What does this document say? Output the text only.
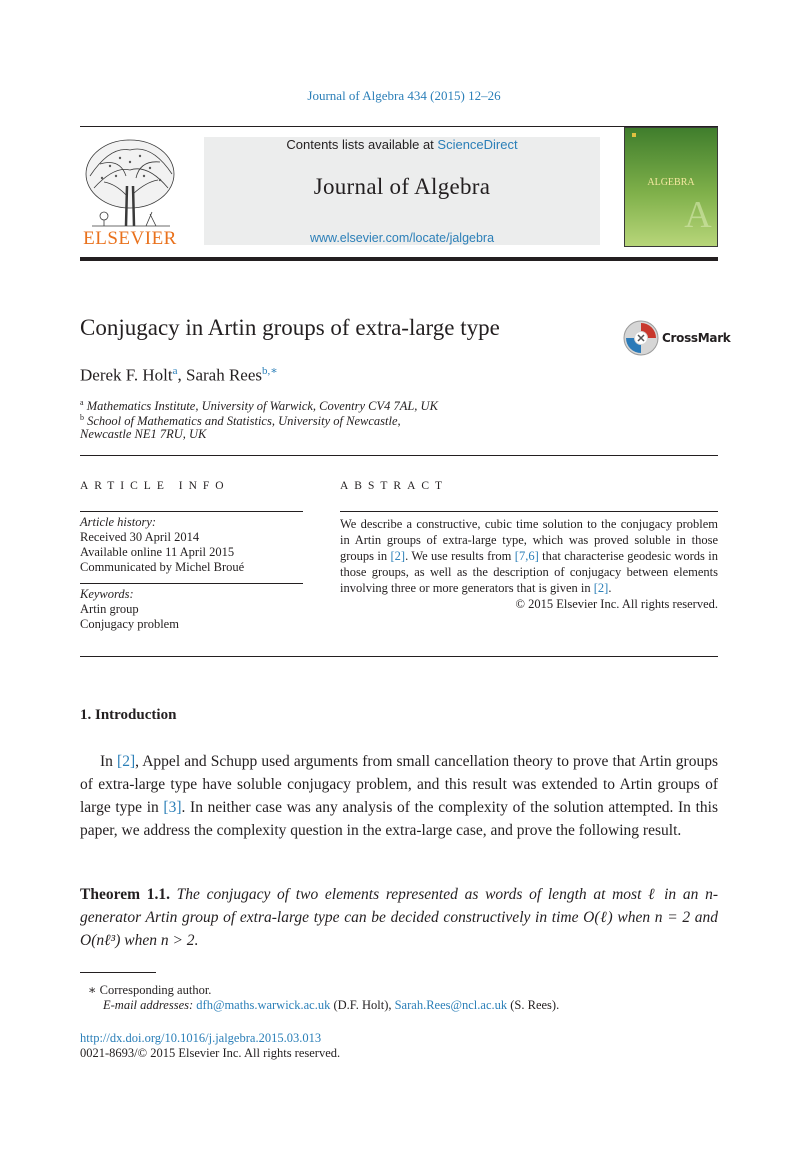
Journal of Algebra 434 (2015) 12–26
ELSEVIER
Contents lists available at ScienceDirect
Journal of Algebra
www.elsevier.com/locate/jalgebra
A
ALGEBRA
Conjugacy in Artin groups of extra-large type	CrossMark
Derek F. Holt$^a$, Sarah Rees$^{b,∗}$
$^a$ Mathematics Institute, University of Warwick, Coventry CV4 7AL, UK
$^b$ School of Mathematics and Statistics, University of Newcastle,
Newcastle NE1 7RU, UK
ARTICLE INFO
Article history:
Received 30 April 2014
Available online 11 April 2015
Communicated by Michel Broué
Keywords:
Artin group
Conjugacy problem
ABSTRACT
We describe a constructive, cubic time solution to the conjugacy problem in Artin groups of extra-large type, which was proved soluble in those groups in [2]. We use results from [7,6] that characterise geodesic words in those groups, as well as the description of conjugacy between elements involving three or more generators that is given in [2].
© 2015 Elsevier Inc. All rights reserved.
1. Introduction
In [2], Appel and Schupp used arguments from small cancellation theory to prove that Artin groups of extra-large type have soluble conjugacy problem, and this result was extended to Artin groups of large type in [3]. In neither case was any analysis of the complexity of the solution attempted. In this paper, we address the complexity question in the extra-large case, and prove the following result.
Theorem 1.1. The conjugacy of two elements represented as words of length at most ℓ in an n-generator Artin group of extra-large type can be decided constructively in time O(ℓ) when n = 2 and O(nℓ³) when n > 2.
∗ Corresponding author.
E-mail addresses: dfh@maths.warwick.ac.uk (D.F. Holt), Sarah.Rees@ncl.ac.uk (S. Rees).
http://dx.doi.org/10.1016/j.jalgebra.2015.03.013
0021-8693/© 2015 Elsevier Inc. All rights reserved.
